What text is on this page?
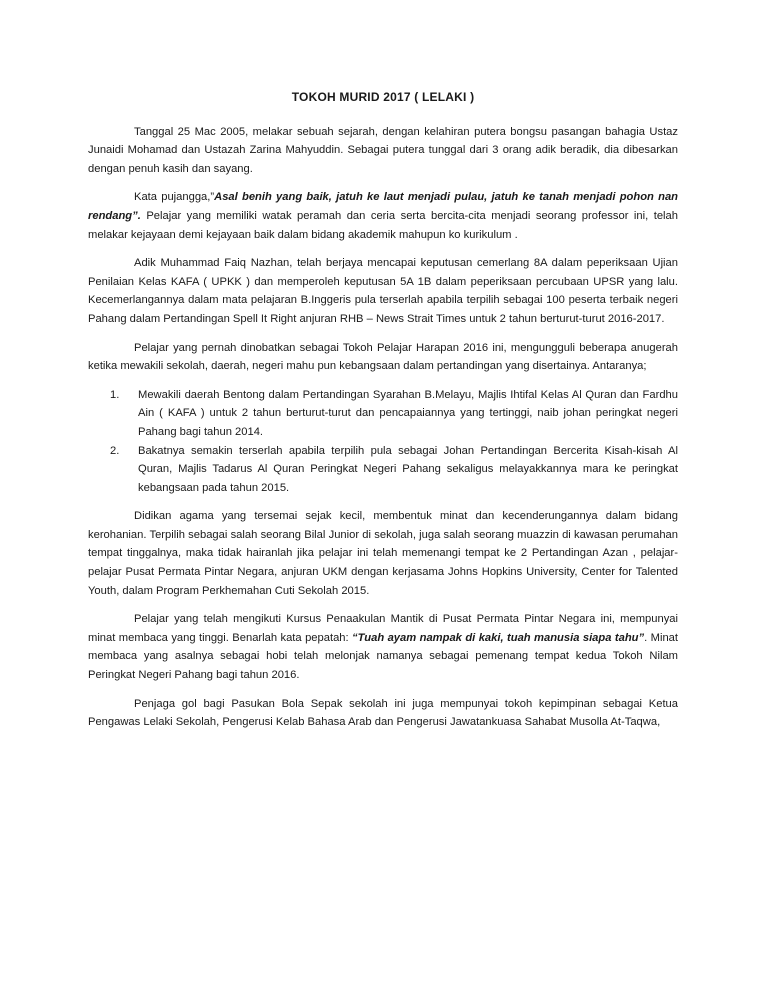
TOKOH MURID 2017 ( LELAKI )

Tanggal 25 Mac 2005, melakar sebuah sejarah, dengan kelahiran putera bongsu pasangan bahagia Ustaz Junaidi Mohamad dan Ustazah Zarina Mahyuddin. Sebagai putera tunggal dari 3 orang adik beradik, dia dibesarkan dengan penuh kasih dan sayang.

Kata pujangga,”Asal benih yang baik, jatuh ke laut menjadi pulau, jatuh ke tanah menjadi pohon nan rendang”. Pelajar yang memiliki watak peramah dan ceria serta bercita-cita menjadi seorang professor ini, telah melakar kejayaan demi kejayaan baik dalam bidang akademik mahupun ko kurikulum .

Adik Muhammad Faiq Nazhan, telah berjaya mencapai keputusan cemerlang 8A dalam peperiksaan Ujian Penilaian Kelas KAFA ( UPKK ) dan memperoleh keputusan 5A 1B dalam peperiksaan percubaan UPSR yang lalu. Kecemerlangannya dalam mata pelajaran B.Inggeris pula terserlah apabila terpilih sebagai 100 peserta terbaik negeri Pahang dalam Pertandingan Spell It Right anjuran RHB – News Strait Times untuk 2 tahun berturut-turut 2016-2017.

Pelajar yang pernah dinobatkan sebagai Tokoh Pelajar Harapan 2016 ini, mengungguli beberapa anugerah ketika mewakili sekolah, daerah, negeri mahu pun kebangsaan dalam pertandingan yang disertainya. Antaranya;

1. Mewakili daerah Bentong dalam Pertandingan Syarahan B.Melayu, Majlis Ihtifal Kelas Al Quran dan Fardhu Ain ( KAFA ) untuk 2 tahun berturut-turut dan pencapaiannya yang tertinggi, naib johan peringkat negeri Pahang bagi tahun 2014.
2. Bakatnya semakin terserlah apabila terpilih pula sebagai Johan Pertandingan Bercerita Kisah-kisah Al Quran, Majlis Tadarus Al Quran Peringkat Negeri Pahang sekaligus melayakkannya mara ke peringkat kebangsaan pada tahun 2015.

Didikan agama yang tersemai sejak kecil, membentuk minat dan kecenderungannya dalam bidang kerohanian. Terpilih sebagai salah seorang Bilal Junior di sekolah, juga salah seorang muazzin di kawasan perumahan tempat tinggalnya, maka tidak hairanlah jika pelajar ini telah memenangi tempat ke 2 Pertandingan Azan , pelajar-pelajar Pusat Permata Pintar Negara, anjuran UKM dengan kerjasama Johns Hopkins University, Center for Talented Youth, dalam Program Perkhemahan Cuti Sekolah 2015.

Pelajar yang telah mengikuti Kursus Penaakulan Mantik di Pusat Permata Pintar Negara ini, mempunyai minat membaca yang tinggi. Benarlah kata pepatah: “Tuah ayam nampak di kaki, tuah manusia siapa tahu”. Minat membaca yang asalnya sebagai hobi telah melonjak namanya sebagai pemenang tempat kedua Tokoh Nilam Peringkat Negeri Pahang bagi tahun 2016.

Penjaga gol bagi Pasukan Bola Sepak sekolah ini juga mempunyai tokoh kepimpinan sebagai Ketua Pengawas Lelaki Sekolah, Pengerusi Kelab Bahasa Arab dan Pengerusi Jawatankuasa Sahabat Musolla At-Taqwa,
